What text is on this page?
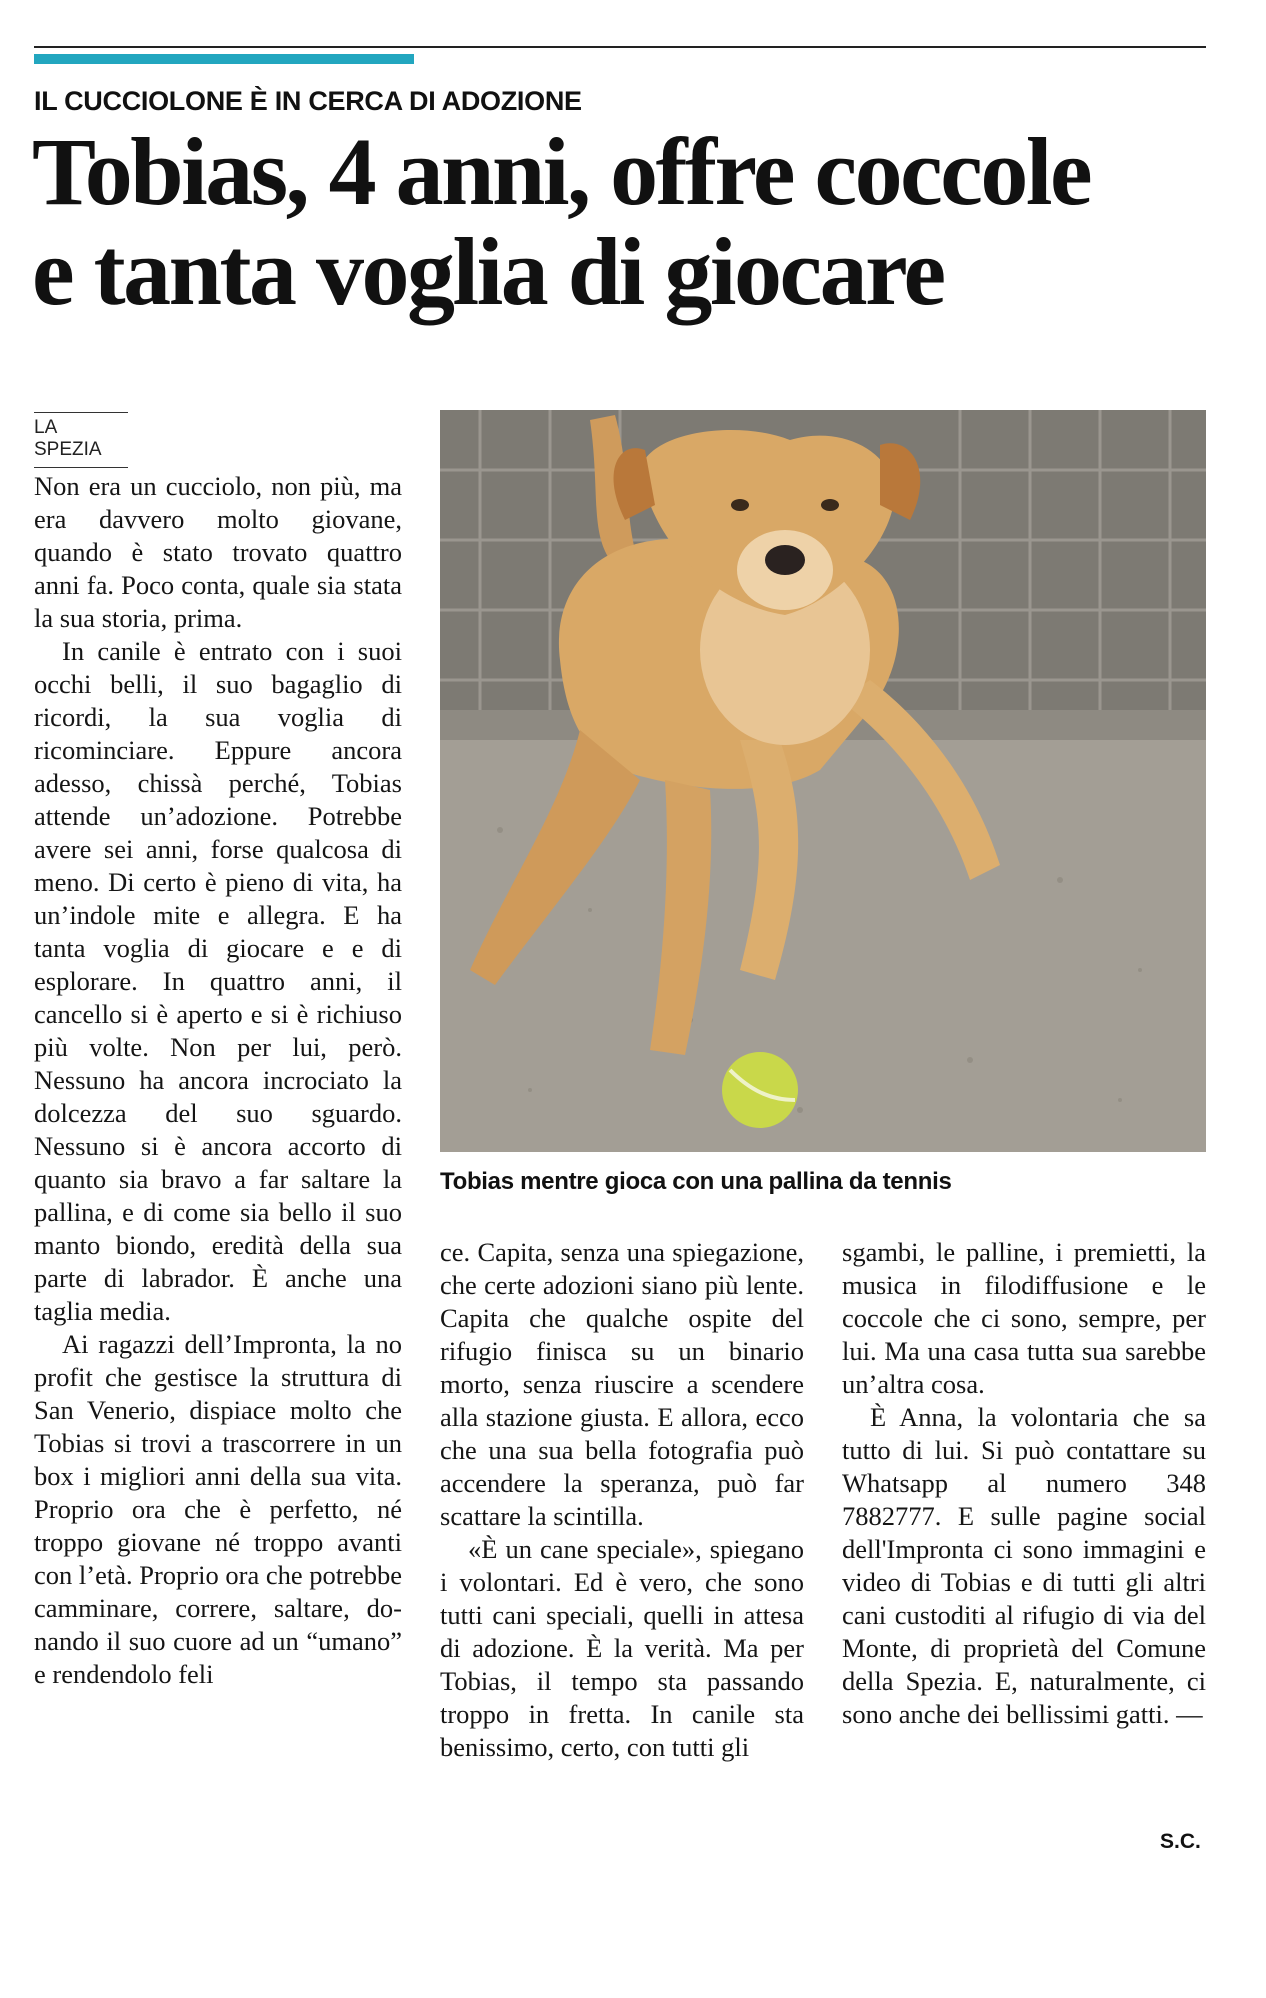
IL CUCCIOLONE È IN CERCA DI ADOZIONE
Tobias, 4 anni, offre coccole
e tanta voglia di giocare
LA SPEZIA

Non era un cucciolo, non più, ma era davvero molto giovane, quando è stato trovato quattro anni fa. Poco conta, quale sia stata la sua storia, prima.

In canile è entrato con i suoi occhi belli, il suo bagaglio di ricordi, la sua voglia di ricominciare. Eppure ancora adesso, chissà perché, Tobias attende un’adozione. Potrebbe avere sei anni, forse qualcosa di meno. Di certo è pieno di vita, ha un’indole mite e allegra. E ha tanta voglia di giocare e e di esplorare. In quattro anni, il cancello si è aperto e si è richiuso più volte. Non per lui, però. Nessuno ha ancora incrociato la dolcezza del suo sguardo. Nessuno si è ancora accorto di quanto sia bravo a far saltare la pallina, e di come sia bello il suo manto biondo, eredità della sua parte di labrador. È anche una taglia media.

Ai ragazzi dell’Impronta, la no profit che gestisce la struttura di San Venerio, dispiace molto che Tobias si trovi a trascorrere in un box i migliori anni della sua vita. Proprio ora che è perfetto, né troppo giovane né troppo avanti con l’età. Proprio ora che potrebbe camminare, correre, saltare, donando il suo cuore ad un “umano” e rendendolo feli

Tobias mentre gioca con una pallina da tennis

ce. Capita, senza una spiegazione, che certe adozioni siano più lente. Capita che qualche ospite del rifugio finisca su un binario morto, senza riuscire a scendere alla stazione giusta. E allora, ecco che una sua bella fotografia può accendere la speranza, può far scattare la scintilla.

«È un cane speciale», spiegano i volontari. Ed è vero, che sono tutti cani speciali, quelli in attesa di adozione. È la verità. Ma per Tobias, il tempo sta passando troppo in fretta. In canile sta benissimo, certo, con tutti gli

sgambi, le palline, i premietti, la musica in filodiffusione e le coccole che ci sono, sempre, per lui. Ma una casa tutta sua sarebbe un’altra cosa.

È Anna, la volontaria che sa tutto di lui. Si può contattare su Whatsapp al numero 348 7882777. E sulle pagine social dell'Impronta ci sono immagini e video di Tobias e di tutti gli altri cani custoditi al rifugio di via del Monte, di proprietà del Comune della Spezia. E, naturalmente, ci sono anche dei bellissimi gatti. —

S.C.
